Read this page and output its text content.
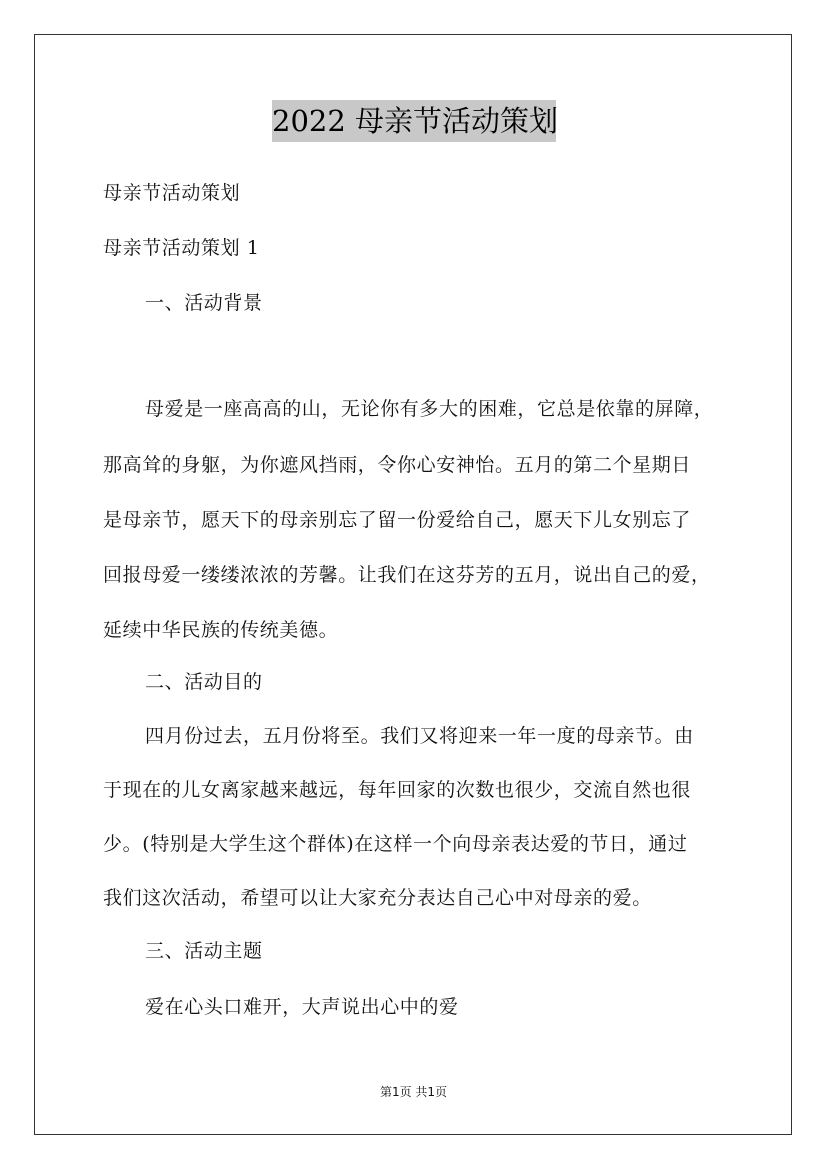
2022 母亲节活动策划
母亲节活动策划
母亲节活动策划 1
一、活动背景
母爱是一座高高的山，无论你有多大的困难，它总是依靠的屏障，
那高耸的身躯，为你遮风挡雨，令你心安神怡。五月的第二个星期日
是母亲节，愿天下的母亲别忘了留一份爱给自己，愿天下儿女别忘了
回报母爱一缕缕浓浓的芳馨。让我们在这芬芳的五月，说出自己的爱，
延续中华民族的传统美德。
二、活动目的
四月份过去，五月份将至。我们又将迎来一年一度的母亲节。由
于现在的儿女离家越来越远，每年回家的次数也很少，交流自然也很
少。(特别是大学生这个群体)在这样一个向母亲表达爱的节日，通过
我们这次活动，希望可以让大家充分表达自己心中对母亲的爱。
三、活动主题
爱在心头口难开，大声说出心中的爱
第1页 共1页
